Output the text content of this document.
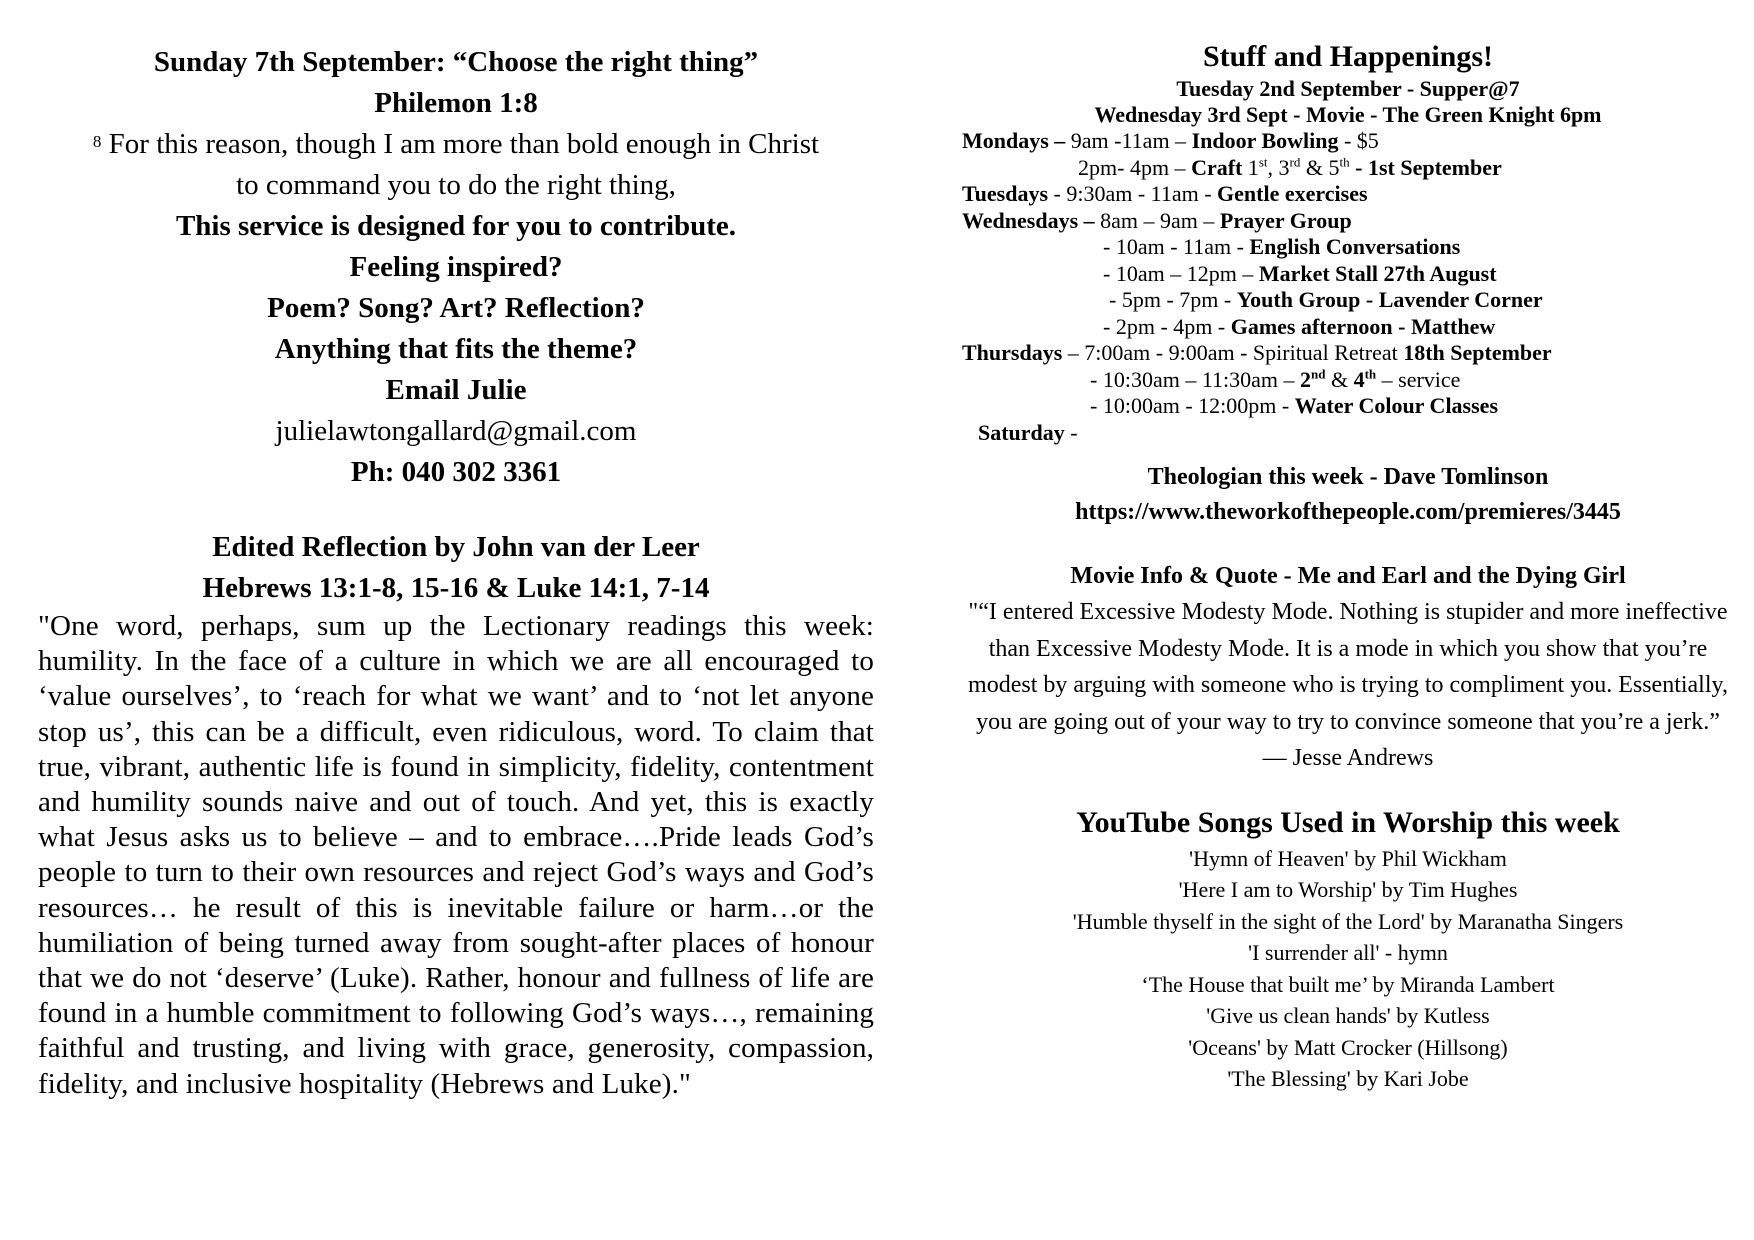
Sunday 7th September: “Choose the right thing”
Philemon 1:8
$^8$ For this reason, though I am more than bold enough in Christ
to command you to do the right thing,
This service is designed for you to contribute.
Feeling inspired?
Poem? Song? Art? Reflection?
Anything that fits the theme?
Email Julie
julielawtongallard@gmail.com
Ph: 040 302 3361
Edited Reflection by John van der Leer
Hebrews 13:1-8, 15-16 & Luke 14:1, 7-14

"One word, perhaps, sum up the Lectionary readings this week: humility. In the face of a culture in which we are all encouraged to ‘value ourselves’, to ‘reach for what we want’ and to ‘not let anyone stop us’, this can be a difficult, even ridiculous, word. To claim that true, vibrant, authentic life is found in simplicity, fidelity, contentment and humility sounds naive and out of touch. And yet, this is exactly what Jesus asks us to believe – and to embrace….Pride leads God’s people to turn to their own resources and reject God’s ways and God’s resources… he result of this is inevitable failure or harm…or the humiliation of being turned away from sought-after places of honour that we do not ‘deserve’ (Luke). Rather, honour and fullness of life are found in a humble commitment to following God’s ways…, remaining faithful and trusting, and living with grace, generosity, compassion, fidelity, and inclusive hospitality (Hebrews and Luke)."

Stuff and Happenings!
Tuesday 2nd September - Supper@7
Wednesday 3rd Sept - Movie - The Green Knight 6pm
Mondays – 9am -11am – Indoor Bowling - $5
2pm- 4pm – Craft 1st, 3rd & 5th - 1st September
Tuesdays - 9:30am - 11am - Gentle exercises
Wednesdays – 8am – 9am – Prayer Group
- 10am - 11am - English Conversations
- 10am – 12pm – Market Stall 27th August
- 5pm - 7pm - Youth Group - Lavender Corner
- 2pm - 4pm - Games afternoon - Matthew
Thursdays – 7:00am - 9:00am - Spiritual Retreat 18th September
- 10:30am – 11:30am – 2nd & 4th – service
- 10:00am - 12:00pm - Water Colour Classes
Saturday -
Theologian this week - Dave Tomlinson
https://www.theworkofthepeople.com/premieres/3445
Movie Info & Quote - Me and Earl and the Dying Girl
"“I entered Excessive Modesty Mode. Nothing is stupider and more ineffective than Excessive Modesty Mode. It is a mode in which you show that you’re modest by arguing with someone who is trying to compliment you. Essentially, you are going out of your way to try to convince someone that you’re a jerk.” ― Jesse Andrews
YouTube Songs Used in Worship this week
'Hymn of Heaven' by Phil Wickham
'Here I am to Worship' by Tim Hughes
'Humble thyself in the sight of the Lord' by Maranatha Singers
'I surrender all' - hymn
‘The House that built me’ by Miranda Lambert
'Give us clean hands' by Kutless
'Oceans' by Matt Crocker (Hillsong)
'The Blessing' by Kari Jobe
